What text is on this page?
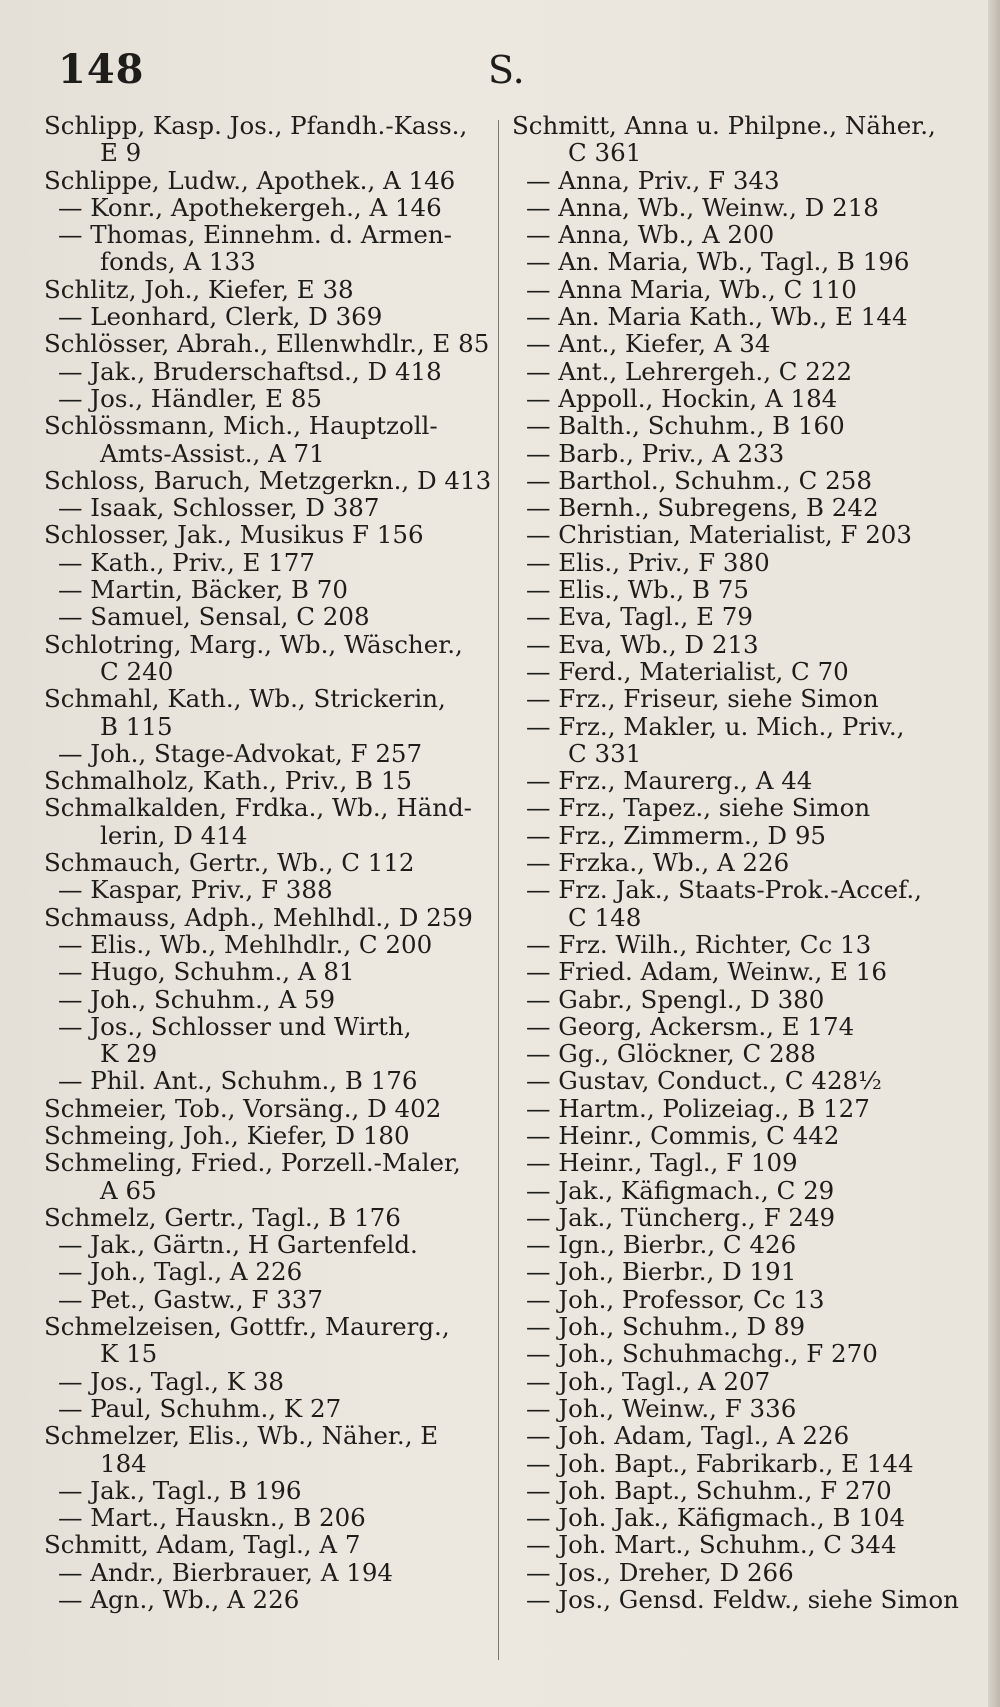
148	S.
Schlipp, Kasp. Jos., Pfandh.-Kass.,
E 9
Schlippe, Ludw., Apothek., A 146
— Konr., Apothekergeh., A 146
— Thomas, Einnehm. d. Armen-
fonds, A 133
Schlitz, Joh., Kiefer, E 38
— Leonhard, Clerk, D 369
Schlösser, Abrah., Ellenwhdlr., E 85
— Jak., Bruderschaftsd., D 418
— Jos., Händler, E 85
Schlössmann, Mich., Hauptzoll-
Amts-Assist., A 71
Schloss, Baruch, Metzgerkn., D 413
— Isaak, Schlosser, D 387
Schlosser, Jak., Musikus F 156
— Kath., Priv., E 177
— Martin, Bäcker, B 70
— Samuel, Sensal, C 208
Schlotring, Marg., Wb., Wäscher.,
C 240
Schmahl, Kath., Wb., Strickerin,
B 115
— Joh., Stage-Advokat, F 257
Schmalholz, Kath., Priv., B 15
Schmalkalden, Frdka., Wb., Händ-
lerin, D 414
Schmauch, Gertr., Wb., C 112
— Kaspar, Priv., F 388
Schmauss, Adph., Mehlhdl., D 259
— Elis., Wb., Mehlhdlr., C 200
— Hugo, Schuhm., A 81
— Joh., Schuhm., A 59
— Jos., Schlosser und Wirth,
K 29
— Phil. Ant., Schuhm., B 176
Schmeier, Tob., Vorsäng., D 402
Schmeing, Joh., Kiefer, D 180
Schmeling, Fried., Porzell.-Maler,
A 65
Schmelz, Gertr., Tagl., B 176
— Jak., Gärtn., H Gartenfeld.
— Joh., Tagl., A 226
— Pet., Gastw., F 337
Schmelzeisen, Gottfr., Maurerg.,
K 15
— Jos., Tagl., K 38
— Paul, Schuhm., K 27
Schmelzer, Elis., Wb., Näher., E
184
— Jak., Tagl., B 196
— Mart., Hauskn., B 206
Schmitt, Adam, Tagl., A 7
— Andr., Bierbrauer, A 194
— Agn., Wb., A 226
Schmitt, Anna u. Philpne., Näher.,
C 361
— Anna, Priv., F 343
— Anna, Wb., Weinw., D 218
— Anna, Wb., A 200
— An. Maria, Wb., Tagl., B 196
— Anna Maria, Wb., C 110
— An. Maria Kath., Wb., E 144
— Ant., Kiefer, A 34
— Ant., Lehrergeh., C 222
— Appoll., Hockin, A 184
— Balth., Schuhm., B 160
— Barb., Priv., A 233
— Barthol., Schuhm., C 258
— Bernh., Subregens, B 242
— Christian, Materialist, F 203
— Elis., Priv., F 380
— Elis., Wb., B 75
— Eva, Tagl., E 79
— Eva, Wb., D 213
— Ferd., Materialist, C 70
— Frz., Friseur, siehe Simon
— Frz., Makler, u. Mich., Priv.,
C 331
— Frz., Maurerg., A 44
— Frz., Tapez., siehe Simon
— Frz., Zimmerm., D 95
— Frzka., Wb., A 226
— Frz. Jak., Staats-Prok.-Accef.,
C 148
— Frz. Wilh., Richter, Cc 13
— Fried. Adam, Weinw., E 16
— Gabr., Spengl., D 380
— Georg, Ackersm., E 174
— Gg., Glöckner, C 288
— Gustav, Conduct., C 428½
— Hartm., Polizeiag., B 127
— Heinr., Commis, C 442
— Heinr., Tagl., F 109
— Jak., Käfigmach., C 29
— Jak., Tüncherg., F 249
— Ign., Bierbr., C 426
— Joh., Bierbr., D 191
— Joh., Professor, Cc 13
— Joh., Schuhm., D 89
— Joh., Schuhmachg., F 270
— Joh., Tagl., A 207
— Joh., Weinw., F 336
— Joh. Adam, Tagl., A 226
— Joh. Bapt., Fabrikarb., E 144
— Joh. Bapt., Schuhm., F 270
— Joh. Jak., Käfigmach., B 104
— Joh. Mart., Schuhm., C 344
— Jos., Dreher, D 266
— Jos., Gensd. Feldw., siehe Simon
